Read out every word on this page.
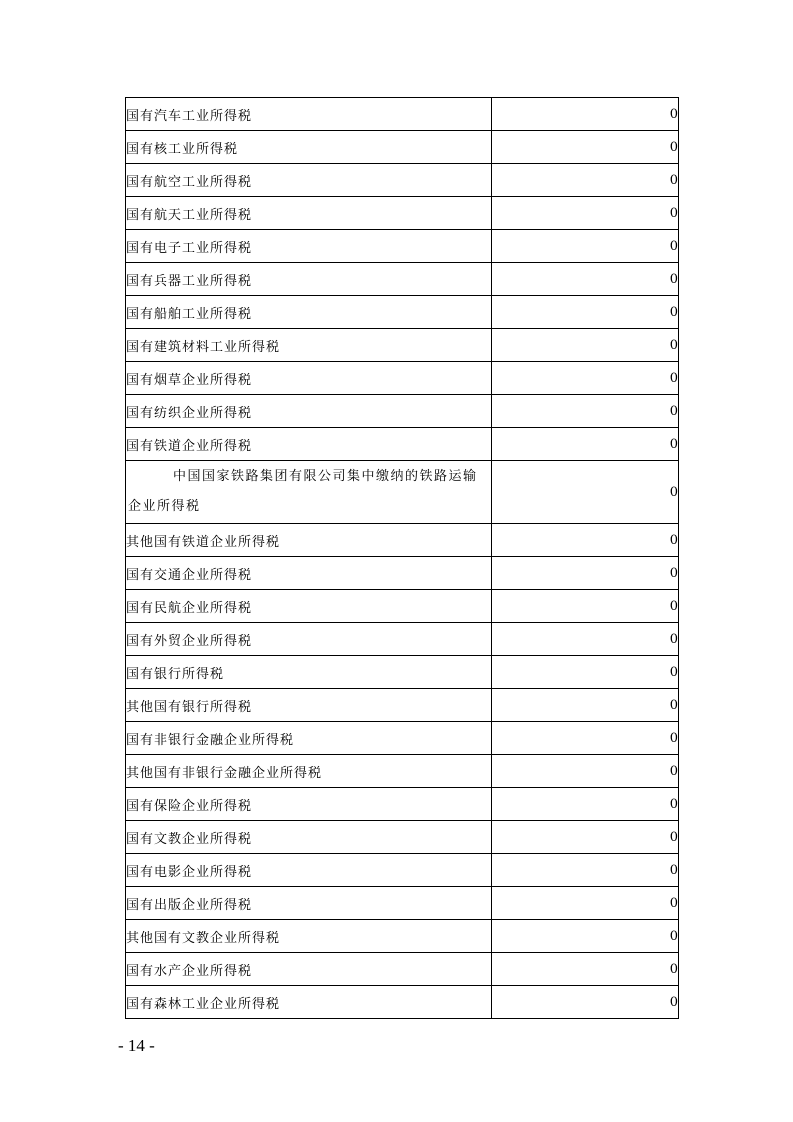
国有汽车工业所得税	0
国有核工业所得税	0
国有航空工业所得税	0
国有航天工业所得税	0
国有电子工业所得税	0
国有兵器工业所得税	0
国有船舶工业所得税	0
国有建筑材料工业所得税	0
国有烟草企业所得税	0
国有纺织企业所得税	0
国有铁道企业所得税	0
中国国家铁路集团有限公司集中缴纳的铁路运输企业所得税	0
其他国有铁道企业所得税	0
国有交通企业所得税	0
国有民航企业所得税	0
国有外贸企业所得税	0
国有银行所得税	0
其他国有银行所得税	0
国有非银行金融企业所得税	0
其他国有非银行金融企业所得税	0
国有保险企业所得税	0
国有文教企业所得税	0
国有电影企业所得税	0
国有出版企业所得税	0
其他国有文教企业所得税	0
国有水产企业所得税	0
国有森林工业企业所得税	0
- 14 -
